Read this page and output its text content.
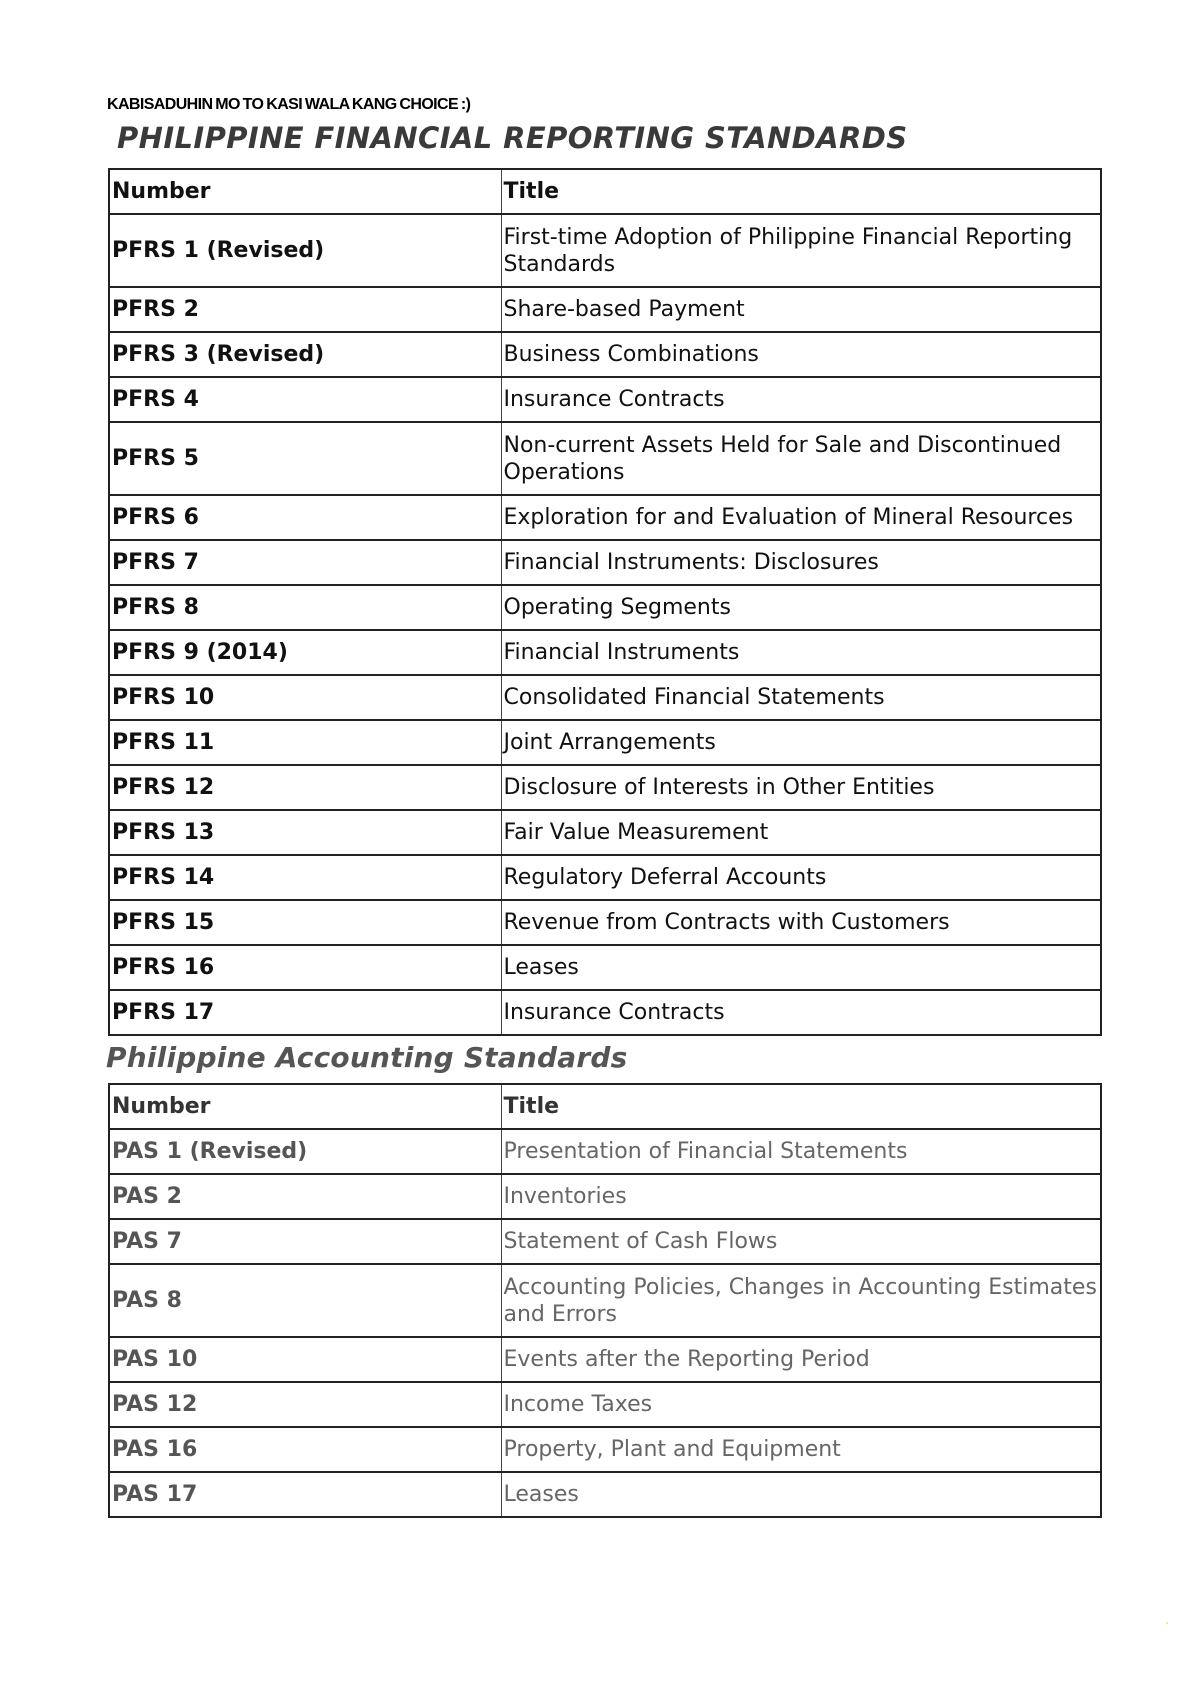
KABISADUHIN MO TO KASI WALA KANG CHOICE :)
PHILIPPINE FINANCIAL REPORTING STANDARDS
Number	Title
PFRS 1 (Revised)	First-time Adoption of Philippine Financial Reporting Standards
PFRS 2	Share-based Payment
PFRS 3 (Revised)	Business Combinations
PFRS 4	Insurance Contracts
PFRS 5	Non-current Assets Held for Sale and Discontinued Operations
PFRS 6	Exploration for and Evaluation of Mineral Resources
PFRS 7	Financial Instruments: Disclosures
PFRS 8	Operating Segments
PFRS 9 (2014)	Financial Instruments
PFRS 10	Consolidated Financial Statements
PFRS 11	Joint Arrangements
PFRS 12	Disclosure of Interests in Other Entities
PFRS 13	Fair Value Measurement
PFRS 14	Regulatory Deferral Accounts
PFRS 15	Revenue from Contracts with Customers
PFRS 16	Leases
PFRS 17	Insurance Contracts
Philippine Accounting Standards
Number	Title
PAS 1 (Revised)	Presentation of Financial Statements
PAS 2	Inventories
PAS 7	Statement of Cash Flows
PAS 8	Accounting Policies, Changes in Accounting Estimates and Errors
PAS 10	Events after the Reporting Period
PAS 12	Income Taxes
PAS 16	Property, Plant and Equipment
PAS 17	Leases
